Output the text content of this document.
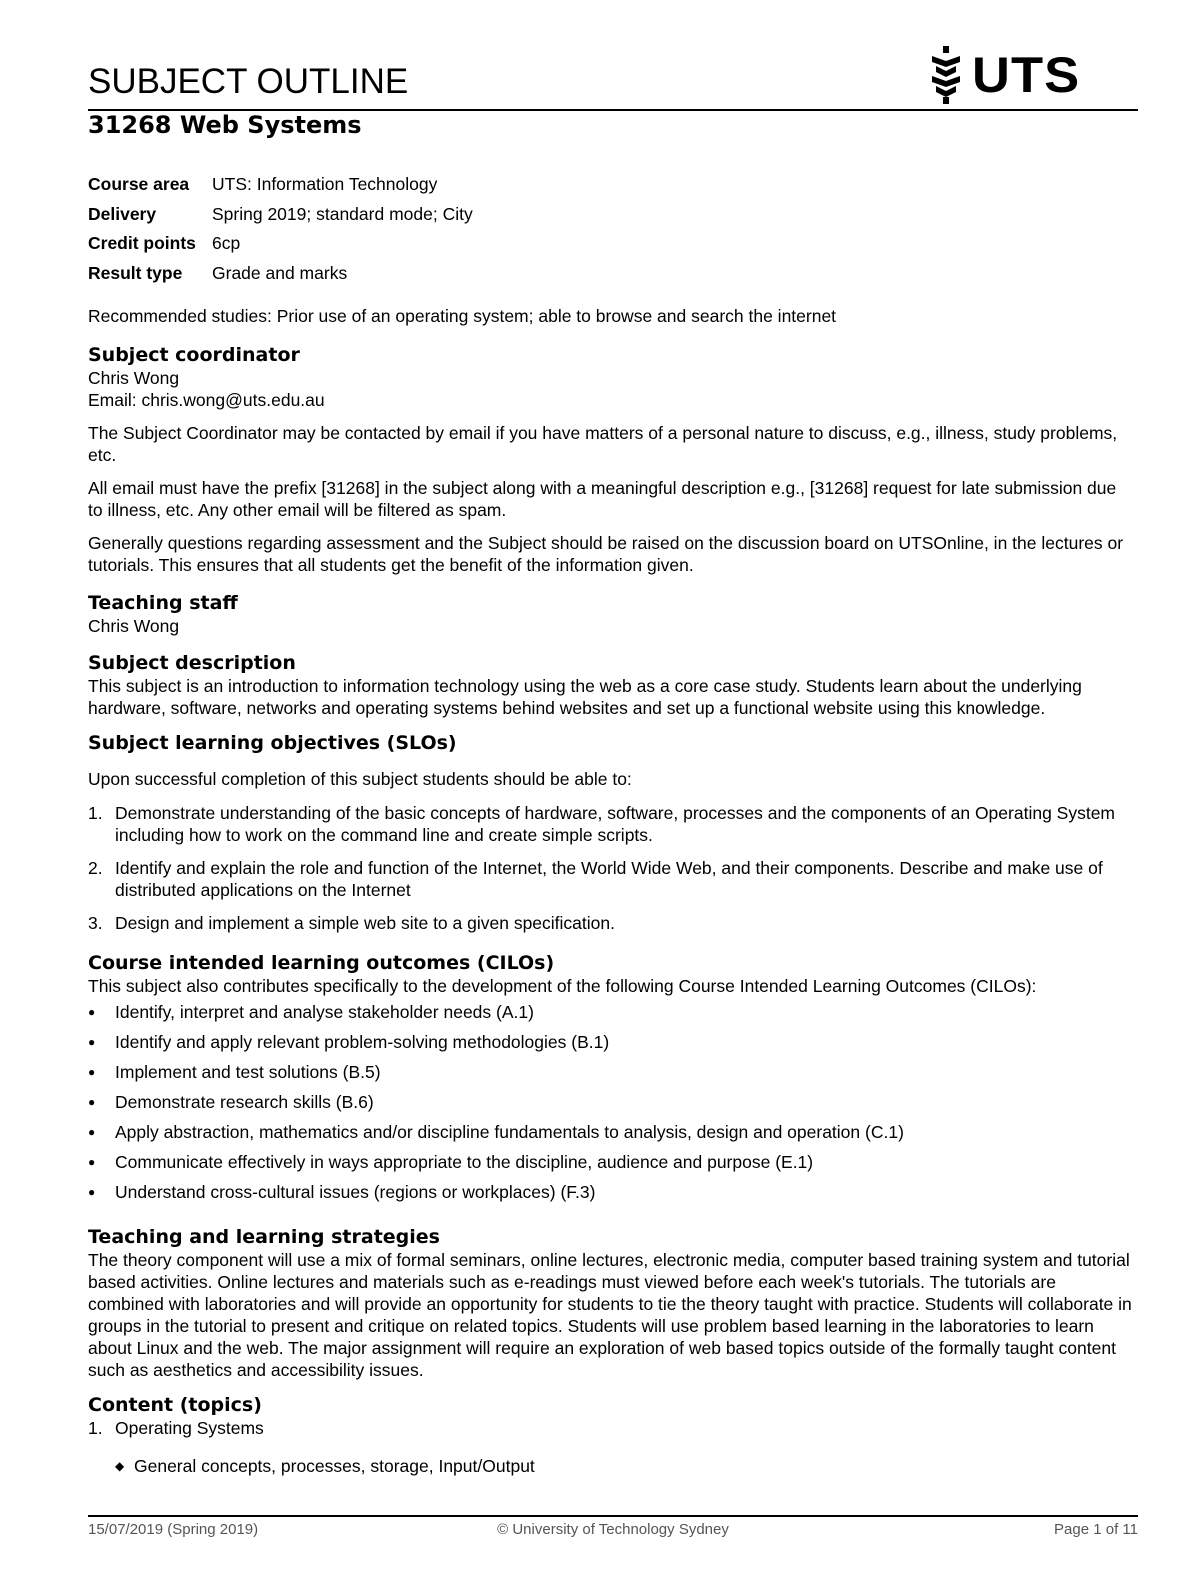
SUBJECT OUTLINE	UTS
31268 Web Systems
Course area	UTS: Information Technology
Delivery	Spring 2019; standard mode; City
Credit points 6cp
Result type	Grade and marks

Recommended studies: Prior use of an operating system; able to browse and search the internet

Subject coordinator

Chris Wong

Email: chris.wong@uts.edu.au

The Subject Coordinator may be contacted by email if you have matters of a personal nature to discuss, e.g., illness, study problems, etc.

All email must have the prefix [31268] in the subject along with a meaningful description e.g., [31268] request for late submission due to illness, etc. Any other email will be filtered as spam.

Generally questions regarding assessment and the Subject should be raised on the discussion board on UTSOnline, in the lectures or tutorials. This ensures that all students get the benefit of the information given.

Teaching staff

Chris Wong

Subject description

This subject is an introduction to information technology using the web as a core case study. Students learn about the underlying hardware, software, networks and operating systems behind websites and set up a functional website using this knowledge.

Subject learning objectives (SLOs)

Upon successful completion of this subject students should be able to:

1. Demonstrate understanding of the basic concepts of hardware, software, processes and the components of an Operating System including how to work on the command line and create simple scripts.
2. Identify and explain the role and function of the Internet, the World Wide Web, and their components. Describe and make use of distributed applications on the Internet
3. Design and implement a simple web site to a given specification.
Course intended learning outcomes (CILOs)

This subject also contributes specifically to the development of the following Course Intended Learning Outcomes (CILOs):

●	Identify, interpret and analyse stakeholder needs (A.1)
●	Identify and apply relevant problem-solving methodologies (B.1)
●	Implement and test solutions (B.5)
●	Demonstrate research skills (B.6)
●	Apply abstraction, mathematics and/or discipline fundamentals to analysis, design and operation (C.1)
●	Communicate effectively in ways appropriate to the discipline, audience and purpose (E.1)
●	Understand cross-cultural issues (regions or workplaces) (F.3)
Teaching and learning strategies

The theory component will use a mix of formal seminars, online lectures, electronic media, computer based training system and tutorial based activities. Online lectures and materials such as e-readings must viewed before each week's tutorials. The tutorials are combined with laboratories and will provide an opportunity for students to tie the theory taught with practice. Students will collaborate in groups in the tutorial to present and critique on related topics. Students will use problem based learning in the laboratories to learn about Linux and the web. The major assignment will require an exploration of web based topics outside of the formally taught content such as aesthetics and accessibility issues.

Content (topics)
1. Operating Systems
◆ General concepts, processes, storage, Input/Output
15/07/2019 (Spring 2019)	© University of Technology Sydney	Page 1 of 11
